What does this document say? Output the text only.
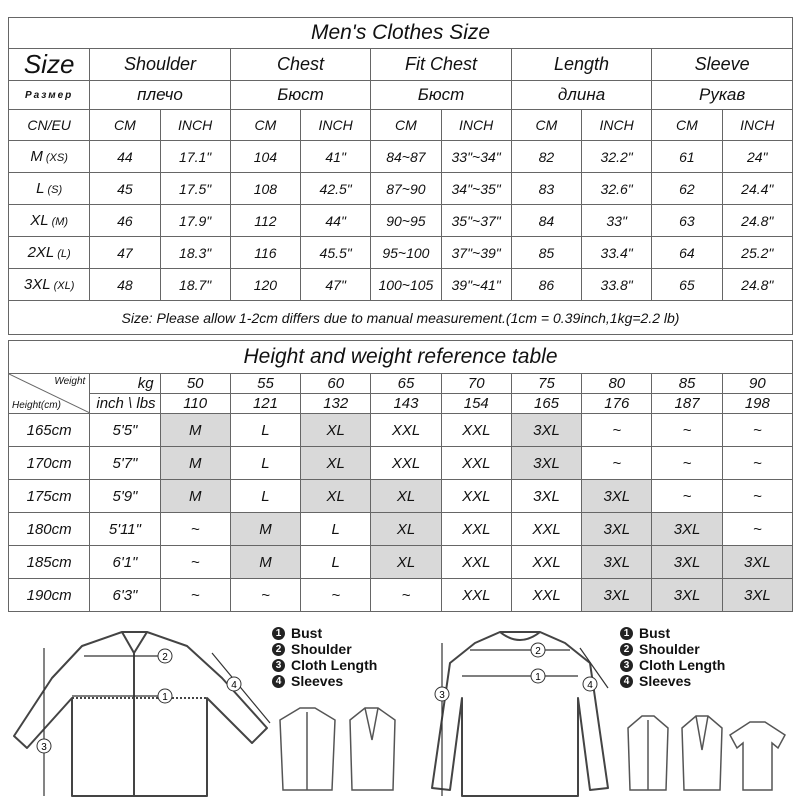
Men's Clothes Size										
Size	Shoulder		Chest		Fit Chest		Length		Sleeve	
Размер	плечо		Бюст		Бюст		длина		Рукав	
CN/EU	CM	INCH	CM	INCH	CM	INCH	CM	INCH	CM	INCH
M (XS)	44	17.1"	104	41"	84~87	33"~34"	82	32.2"	61	24"
L (S)	45	17.5"	108	42.5"	87~90	34"~35"	83	32.6"	62	24.4"
XL (M)	46	17.9"	112	44"	90~95	35"~37"	84	33"	63	24.8"
2XL (L)	47	18.3"	116	45.5"	95~100	37"~39"	85	33.4"	64	25.2"
3XL (XL)	48	18.7"	120	47"	100~105	39"~41"	86	33.8"	65	24.8"
Size: Please allow 1-2cm differs due to manual measurement.(1cm = 0.39inch,1kg=2.2 lb)										
Height and weight reference table										

Weight
Height(cm)	kg	50	55	60	65	70	75	80	85	90
	inch \ lbs	110	121	132	143	154	165	176	187	198
165cm	5'5"	M	L	XL	XXL	XXL	3XL	~	~	~
170cm	5'7"	M	L	XL	XXL	XXL	3XL	~	~	~
175cm	5'9"	M	L	XL	XL	XXL	3XL	3XL	~	~
180cm	5'11"	~	M	L	XL	XXL	XXL	3XL	3XL	~
185cm	6'1"	~	M	L	XL	XXL	XXL	3XL	3XL	3XL
190cm	6'3"	~	~	~	~	XXL	XXL	3XL	3XL	3XL
2
1
3
4
1 Bust
2 Shoulder
3 Cloth Length
4 Sleeves
2
1
3
4
1 Bust
2 Shoulder
3 Cloth Length
4 Sleeves
